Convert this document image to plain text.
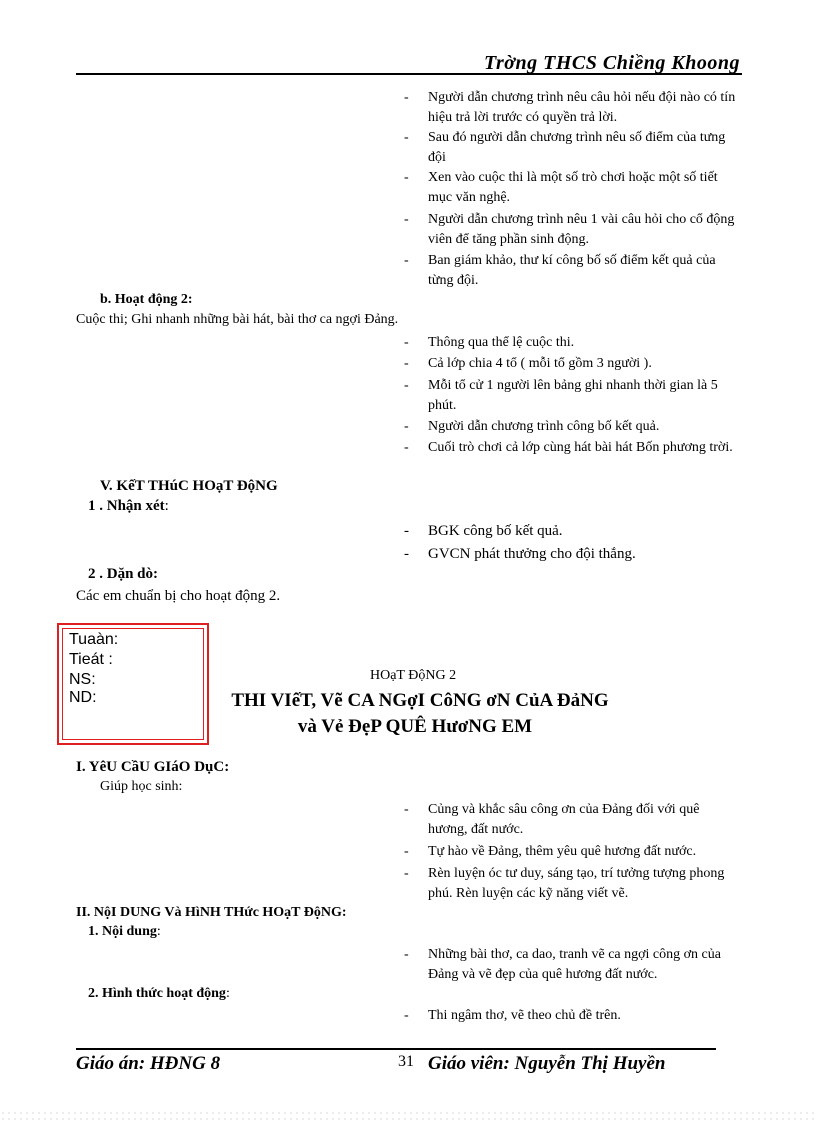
Trờng THCS Chiềng Khoong
- Người dẫn chương trình nêu câu hỏi nếu đội nào có tín hiệu trả lời trước có quyền trả lời.
- Sau đó người dẫn chương trình nêu số điểm của tưng đội
- Xen vào cuộc thi là một số trò chơi hoặc một số tiết mục văn nghệ.
- Người dẫn chương trình nêu 1 vài câu hỏi cho cổ động viên để tăng phần sinh động.
- Ban giám khảo, thư kí công bố số điểm kết quả của từng đội.
b. Hoạt động 2:
Cuộc thi; Ghi nhanh những bài hát, bài thơ ca ngợi Đảng.
- Thông qua thể lệ cuộc thi.
- Cả lớp chia 4 tổ ( mỗi tổ gồm 3 người ).
- Mỗi tổ cử 1 người lên bảng ghi nhanh thời gian là 5 phút.
- Người dẫn chương trình công bố kết quả.
- Cuối trò chơi cả lớp cùng hát bài hát Bốn phương trời.
V. KếT THúC HOạT ĐộNG
1 . Nhận xét:
- BGK công bố kết quả.
- GVCN phát thưởng cho đội thắng.
2 . Dặn dò:
Các em chuẩn bị cho hoạt động 2.
Tuaàn:
Tieát :
NS:
ND:
HOạT ĐộNG 2
THI VIếT, Vẽ CA NGợI CôNG ơN CủA ĐảNG
và Vẻ ĐẹP QUÊ HươNG EM
I. YêU CầU GIáO DụC:
Giúp học sinh:
- Củng và khắc sâu công ơn của Đảng đối với quê hương, đất nước.
- Tự hào về Đảng, thêm yêu quê hương đất nước.
- Rèn luyện óc tư duy, sáng tạo, trí tưởng tượng phong phú. Rèn luyện các kỹ năng viết vẽ.
II. NộI DUNG Và HìNH THức HOạT ĐộNG:
1. Nội dung:
- Những bài thơ, ca dao, tranh vẽ ca ngợi công ơn của Đảng và vẽ đẹp của quê hương đất nước.
2. Hình thức hoạt động:
- Thi ngâm thơ, vẽ theo chủ đề trên.
Giáo án: HĐNG 8	31 Giáo viên: Nguyễn Thị Huyền
